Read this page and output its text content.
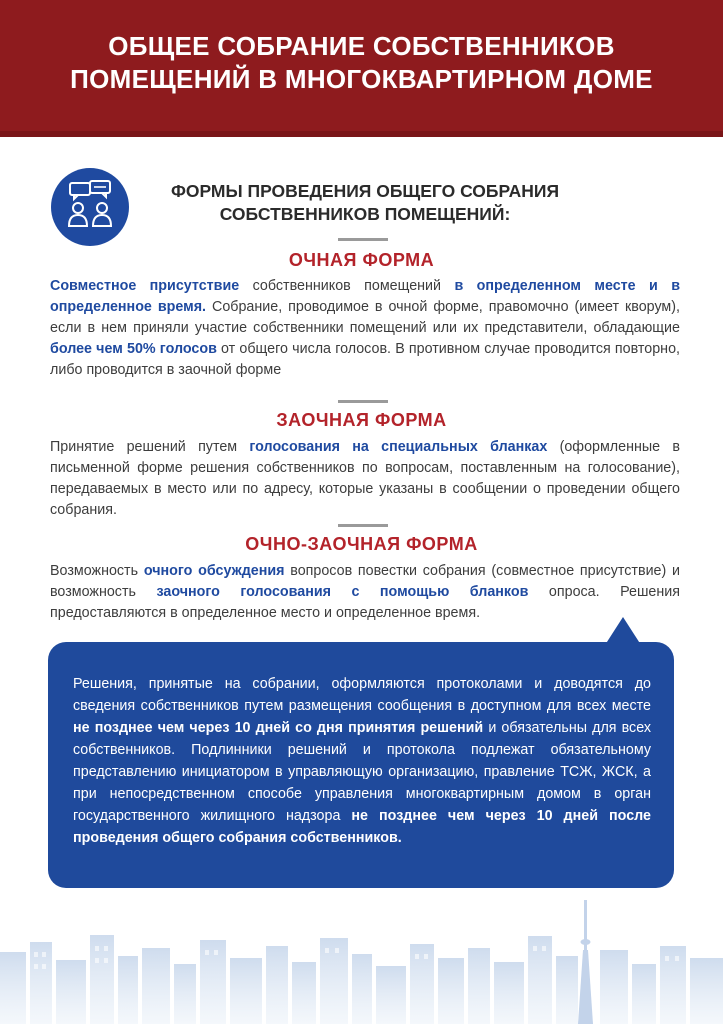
ОБЩЕЕ СОБРАНИЕ СОБСТВЕННИКОВ
ПОМЕЩЕНИЙ В МНОГОКВАРТИРНОМ ДОМЕ
ФОРМЫ ПРОВЕДЕНИЯ ОБЩЕГО СОБРАНИЯ
СОБСТВЕННИКОВ ПОМЕЩЕНИЙ:
ОЧНАЯ ФОРМА
Совместное присутствие собственников помещений в определенном месте и в определенное время. Собрание, проводимое в очной форме, правомочно (имеет кворум), если в нем приняли участие собственники помещений или их представители, обладающие более чем 50% голосов от общего числа голосов. В противном случае проводится повторно, либо проводится в заочной форме
ЗАОЧНАЯ ФОРМА
Принятие решений путем голосования на специальных бланках (оформленные в письменной форме решения собственников по вопросам, поставленным на голосование), передаваемых в место или по адресу, которые указаны в сообщении о проведении общего собрания.
ОЧНО-ЗАОЧНАЯ ФОРМА
Возможность очного обсуждения вопросов повестки собрания (совместное присутствие) и возможность заочного голосования с помощью бланков опроса. Решения предоставляются в определенное место и определенное время.
Решения, принятые на собрании, оформляются протоколами и доводятся до сведения собственников путем размещения сообщения в доступном для всех месте не позднее чем через 10 дней со дня принятия решений и обязательны для всех собственников. Подлинники решений и протокола подлежат обязательному представлению инициатором в управляющую организацию, правление ТСЖ, ЖСК, а при непосредственном способе управления многоквартирным домом в орган государственного жилищного надзора не позднее чем через 10 дней после проведения общего собрания собственников.
